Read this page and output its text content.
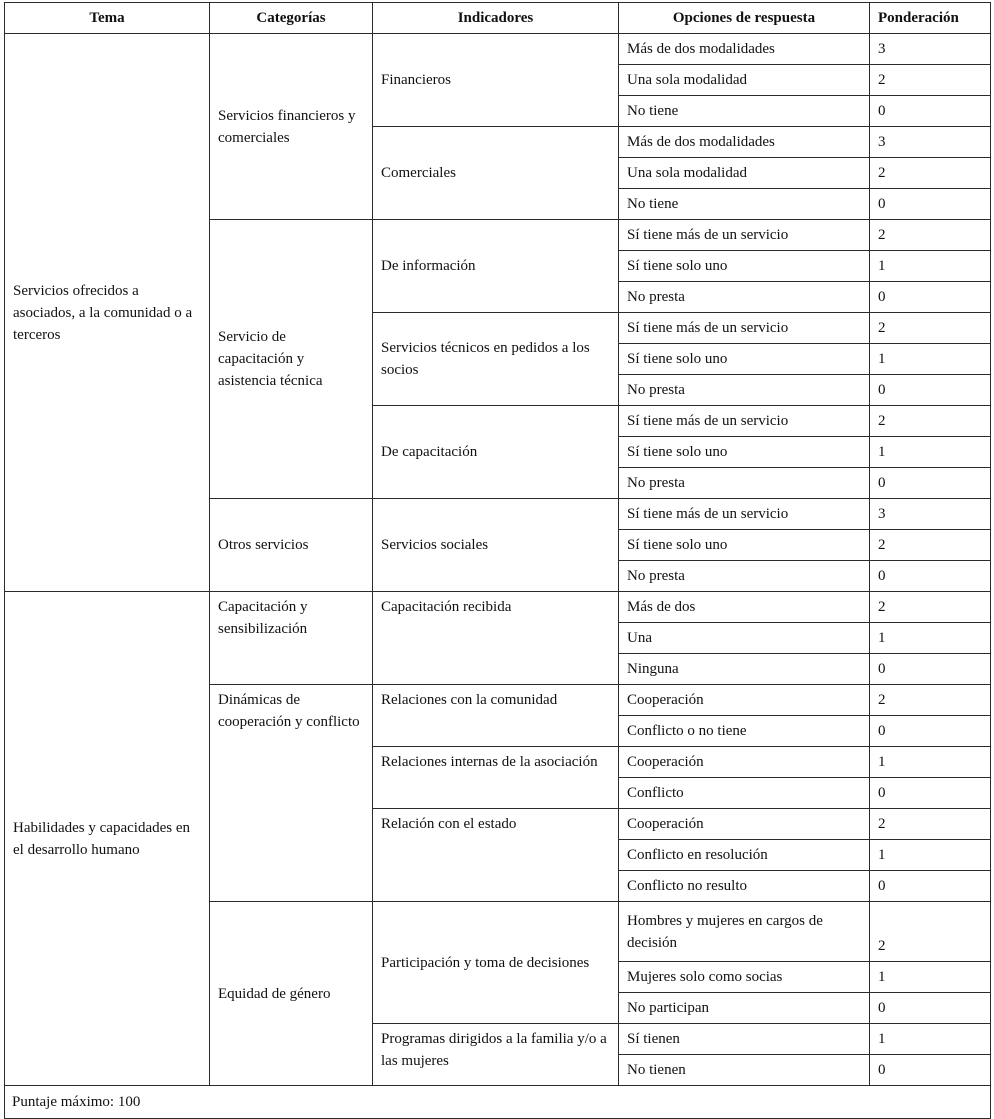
Tema	Categorías	Indicadores	Opciones de respuesta	Ponderación
Servicios ofrecidos a asociados, a la comunidad o a terceros	Servicios financieros y comerciales	Financieros	Más de dos modalidades	3
			Una sola modalidad	2
			No tiene	0
		Comerciales	Más de dos modalidades	3
			Una sola modalidad	2
			No tiene	0
	Servicio de capacitación y asistencia técnica	De información	Sí tiene más de un servicio	2
			Sí tiene solo uno	1
			No presta	0
		Servicios técnicos en pedidos a los socios	Sí tiene más de un servicio	2
			Sí tiene solo uno	1
			No presta	0
		De capacitación	Sí tiene más de un servicio	2
			Sí tiene solo uno	1
			No presta	0
	Otros servicios	Servicios sociales	Sí tiene más de un servicio	3
			Sí tiene solo uno	2
			No presta	0
Habilidades y capacidades en el desarrollo humano	Capacitación y sensibilización	Capacitación recibida	Más de dos	2
			Una	1
			Ninguna	0
	Dinámicas de cooperación y conflicto	Relaciones con la comunidad	Cooperación	2
			Conflicto o no tiene	0
		Relaciones internas de la asociación	Cooperación	1
			Conflicto	0
		Relación con el estado	Cooperación	2
			Conflicto en resolución	1
			Conflicto no resulto	0
	Equidad de género	Participación y toma de decisiones	Hombres y mujeres en cargos de decisión	2
			Mujeres solo como socias	1
			No participan	0
		Programas dirigidos a la familia y/o a las mujeres	Sí tienen	1
			No tienen	0
Puntaje máximo: 100				
